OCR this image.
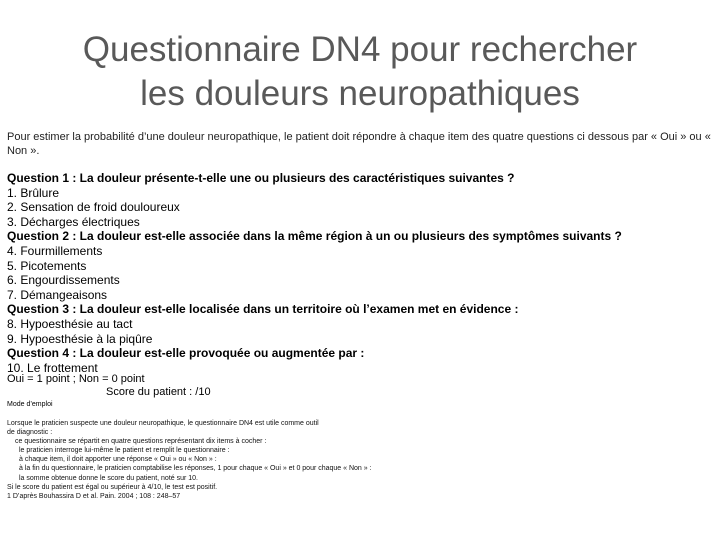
Questionnaire DN4 pour rechercher
les douleurs neuropathiques
Pour estimer la probabilité d’une douleur neuropathique, le patient doit répondre à chaque item des quatre questions ci dessous par « Oui » ou « Non ».
Question 1 : La douleur présente-t-elle une ou plusieurs des caractéristiques suivantes ?
1. Brûlure
2. Sensation de froid douloureux
3. Décharges électriques
Question 2 : La douleur est-elle associée dans la même région à un ou plusieurs des symptômes suivants ?
4. Fourmillements
5. Picotements
6. Engourdissements
7. Démangeaisons
Question 3 : La douleur est-elle localisée dans un territoire où l’examen met en évidence :
8. Hypoesthésie au tact
9. Hypoesthésie à la piqûre
Question 4 : La douleur est-elle provoquée ou augmentée par :
10. Le frottement
Oui = 1 point ; Non = 0 point
Score du patient : /10
Mode d’emploi
Lorsque le praticien suspecte une douleur neuropathique, le questionnaire DN4 est utile comme outil
de diagnostic :
ce questionnaire se répartit en quatre questions représentant dix items à cocher :
le praticien interroge lui-même le patient et remplit le questionnaire :
à chaque item, il doit apporter une réponse « Oui » ou « Non » :
à la fin du questionnaire, le praticien comptabilise les réponses, 1 pour chaque « Oui » et 0 pour chaque « Non » :
la somme obtenue donne le score du patient, noté sur 10.
Si le score du patient est égal ou supérieur à 4/10, le test est positif.
1 D’après Bouhassira D et al. Pain. 2004 ; 108 : 248–57
